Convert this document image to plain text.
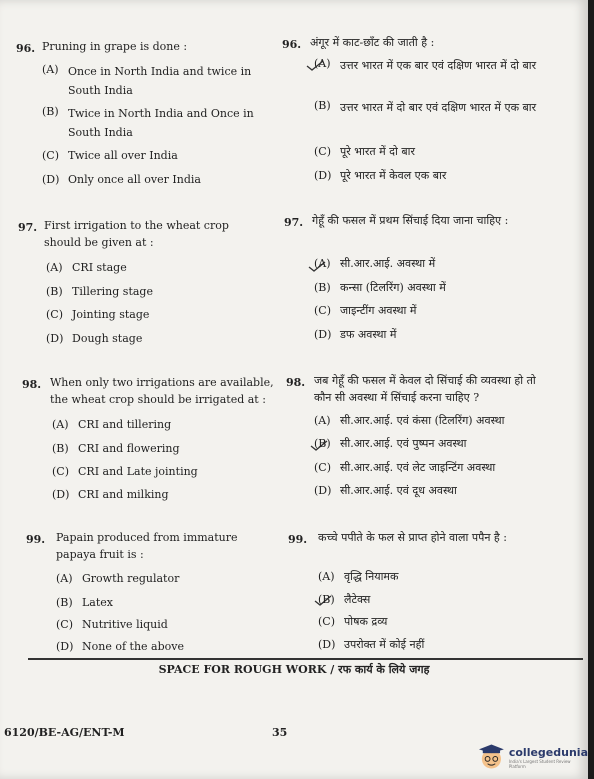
96. Pruning in grape is done :
(A) Once in North India and twice in South India
(B) Twice in North India and Once in South India
(C) Twice all over India
(D) Only once all over India
96. अंगूर में काट-छाँट की जाती है :
(A) उत्तर भारत में एक बार एवं दक्षिण भारत में दो बार
(B) उत्तर भारत में दो बार एवं दक्षिण भारत में एक बार
(C) पूरे भारत में दो बार
(D) पूरे भारत में केवल एक बार
97. First irrigation to the wheat crop should be given at :
(A) CRI stage
(B) Tillering stage
(C) Jointing stage
(D) Dough stage
97. गेहूँ की फसल में प्रथम सिंचाई दिया जाना चाहिए :
(A) सी.आर.आई. अवस्था में
(B) कन्सा (टिलरिंग) अवस्था में
(C) जाइन्टींग अवस्था में
(D) डफ अवस्था में
98. When only two irrigations are available, the wheat crop should be irrigated at :
(A) CRI and tillering
(B) CRI and flowering
(C) CRI and Late jointing
(D) CRI and milking
98. जब गेहूँ की फसल में केवल दो सिंचाई की व्यवस्था हो तो कौन सी अवस्था में सिंचाई करना चाहिए ?
(A) सी.आर.आई. एवं कंसा (टिलरिंग) अवस्था
(B) सी.आर.आई. एवं पुष्पन अवस्था
(C) सी.आर.आई. एवं लेट जाइन्टिंग अवस्था
(D) सी.आर.आई. एवं दूध अवस्था
99. Papain produced from immature papaya fruit is :
(A) Growth regulator
(B) Latex
(C) Nutritive liquid
(D) None of the above
99. कच्चे पपीते के फल से प्राप्त होने वाला पपैन है :
(A) वृद्धि नियामक
(B) लैटेक्स
(C) पोषक द्रव्य
(D) उपरोक्त में कोई नहीं
SPACE FOR ROUGH WORK / रफ कार्य के लिये जगह
6120/BE-AG/ENT-M	35
collegedunia
India's Largest Student Review Platform
